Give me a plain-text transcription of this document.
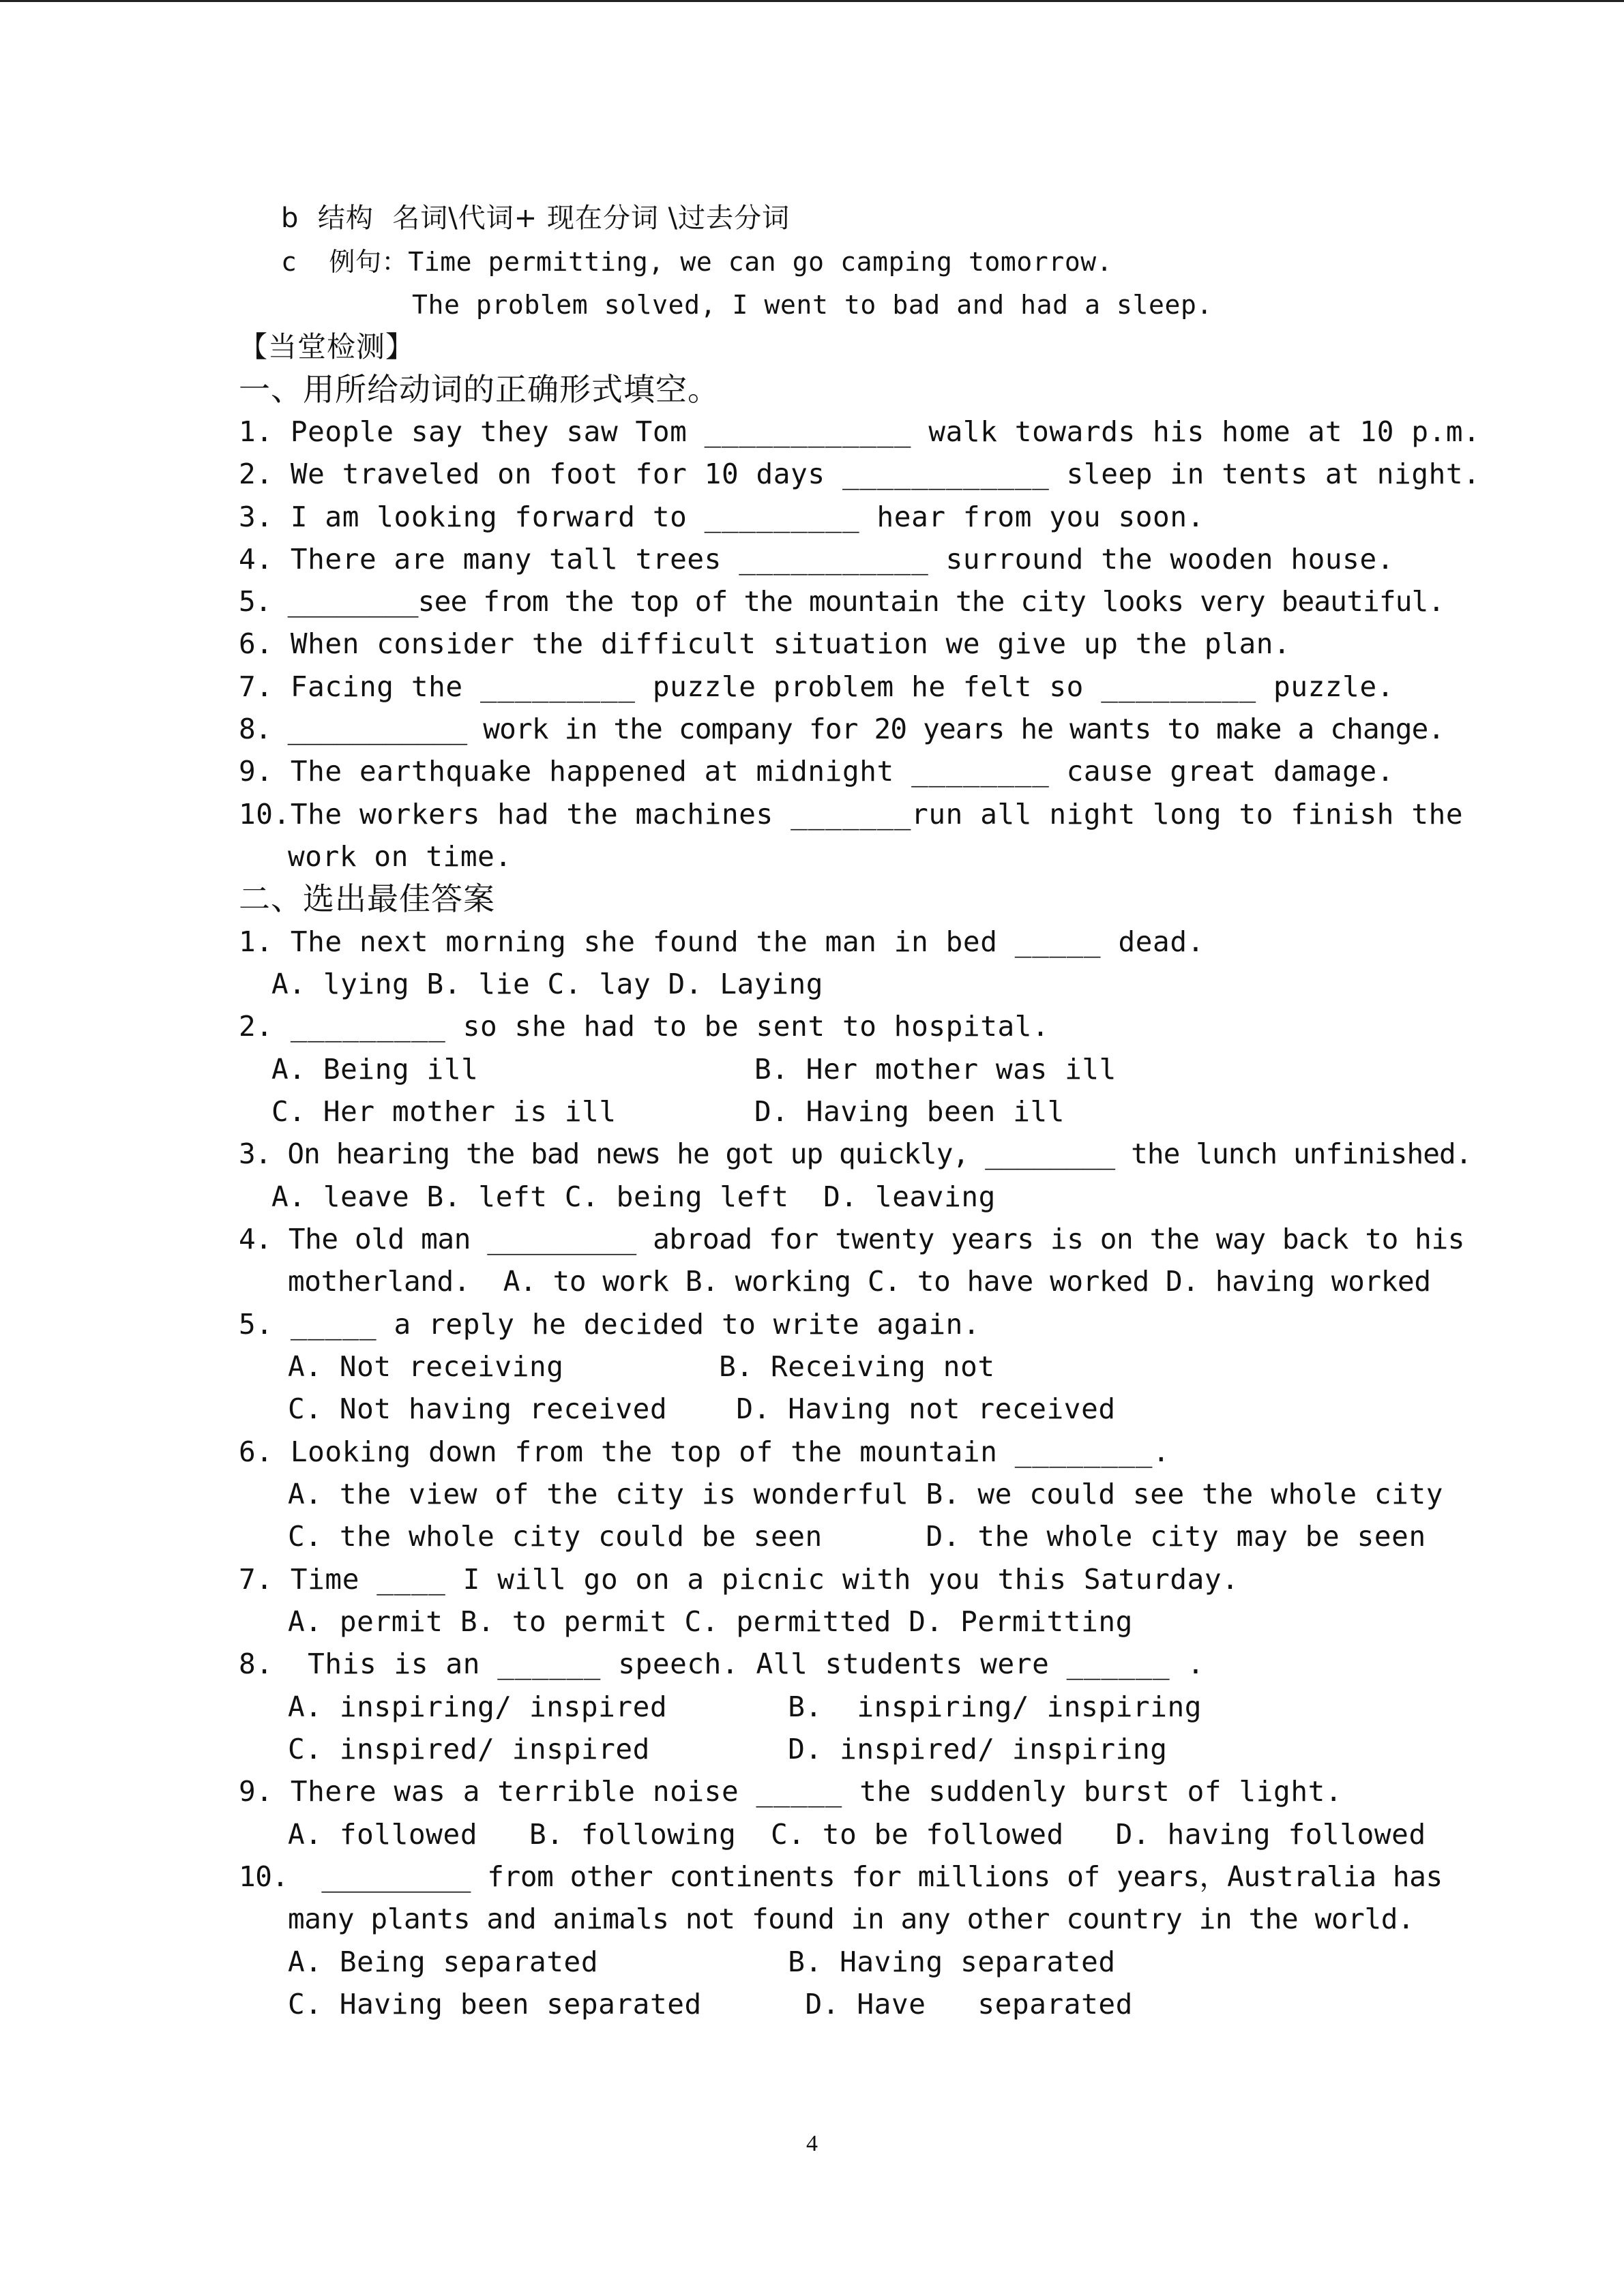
b  结构  名词\代词+ 现在分词 \过去分词
c  例句：Time permitting, we can go camping tomorrow.
The problem solved, I went to bad and had a sleep.
【当堂检测】
一、用所给动词的正确形式填空。
1. People say they saw Tom ____________ walk towards his home at 10 p.m.
2. We traveled on foot for 10 days ____________ sleep in tents at night.
3. I am looking forward to _________ hear from you soon.
4. There are many tall trees ___________ surround the wooden house.
5. ________see from the top of the mountain the city looks very beautiful.
6. When consider the difficult situation we give up the plan.
7. Facing the _________ puzzle problem he felt so _________ puzzle.
8. ___________ work in the company for 20 years he wants to make a change.
9. The earthquake happened at midnight ________ cause great damage.
10.The workers had the machines _______run all night long to finish the
work on time.
二、选出最佳答案
1. The next morning she found the man in bed _____ dead.
A. lying B. lie C. lay D. Laying
2. _________ so she had to be sent to hospital.
A. Being ill                B. Her mother was ill
C. Her mother is ill        D. Having been ill
3. On hearing the bad news he got up quickly, ________ the lunch unfinished.
A. leave B. left C. being left  D. leaving
4. The old man _________ abroad for twenty years is on the way back to his
motherland.  A. to work B. working C. to have worked D. having worked
5. _____ a reply he decided to write again.
A. Not receiving         B. Receiving not
C. Not having received    D. Having not received
6. Looking down from the top of the mountain ________.
A. the view of the city is wonderful B. we could see the whole city
C. the whole city could be seen      D. the whole city may be seen
7. Time ____ I will go on a picnic with you this Saturday.
A. permit B. to permit C. permitted D. Permitting
8.  This is an ______ speech. All students were ______ .
A. inspiring/ inspired       B.  inspiring/ inspiring
C. inspired/ inspired        D. inspired/ inspiring
9. There was a terrible noise _____ the suddenly burst of light.
A. followed   B. following  C. to be followed   D. having followed
10.  _________ from other continents for millions of years，Australia has
many plants and animals not found in any other country in the world.
A. Being separated           B. Having separated
C. Having been separated      D. Have   separated
4
